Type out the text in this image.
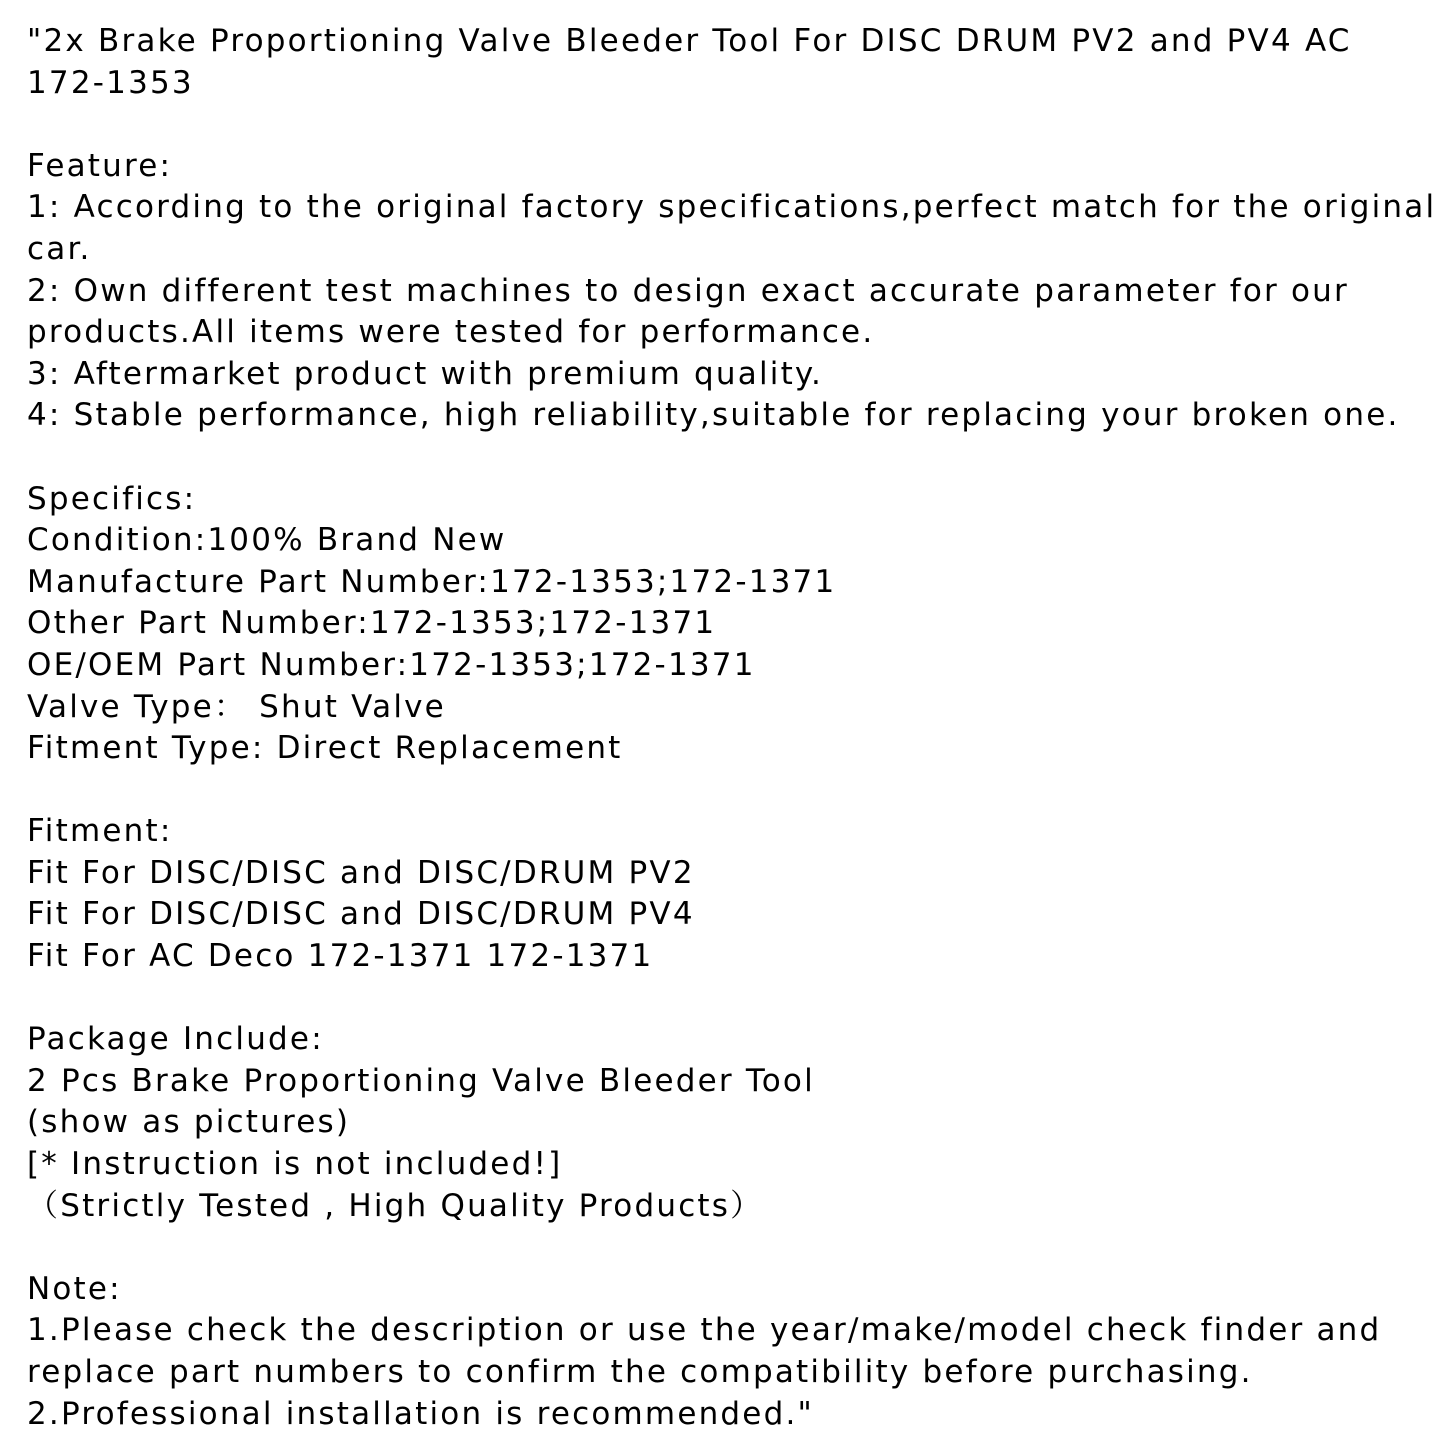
"2x Brake Proportioning Valve Bleeder Tool For DISC DRUM PV2 and PV4 AC
172-1353
Feature:
1: According to the original factory specifications,perfect match for the original
car.
2: Own different test machines to design exact accurate parameter for our
products.All items were tested for performance.
3: Aftermarket product with premium quality.
4: Stable performance, high reliability,suitable for replacing your broken one.
Specifics:
Condition:100% Brand New
Manufacture Part Number:172-1353;172-1371
Other Part Number:172-1353;172-1371
OE/OEM Part Number:172-1353;172-1371
Valve Type： Shut Valve
Fitment Type: Direct Replacement
Fitment:
Fit For DISC/DISC and DISC/DRUM PV2
Fit For DISC/DISC and DISC/DRUM PV4
Fit For AC Deco 172-1371 172-1371
Package Include:
2 Pcs Brake Proportioning Valve Bleeder Tool
(show as pictures)
[* Instruction is not included!]
（Strictly Tested , High Quality Products）
Note:
1.Please check the description or use the year/make/model check finder and
replace part numbers to confirm the compatibility before purchasing.
2.Professional installation is recommended."
